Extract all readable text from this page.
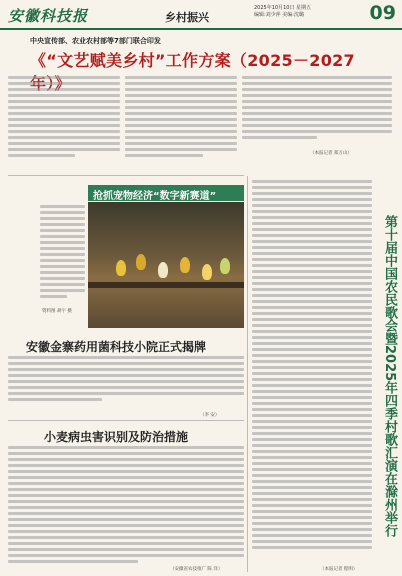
安徽科技报	乡村振兴
2025年10月10日 星期五
编辑:刘少萍 美编:沈璐	09
中央宣传部、农业农村部等7部门联合印发
《“文艺赋美乡村”工作方案（2025－2027
（本报记者 郑万山）
资料图 胡宇 摄
抢抓宠物经济“数字新赛道”
安徽金寨药用菌科技小院正式揭牌
（李 安）
小麦病虫害识别及防治措施
（安徽省农技推广 陈 洋）	（本报记者 程明）
第十届中国农民歌会暨2025年四季村歌汇演在滁州举行
